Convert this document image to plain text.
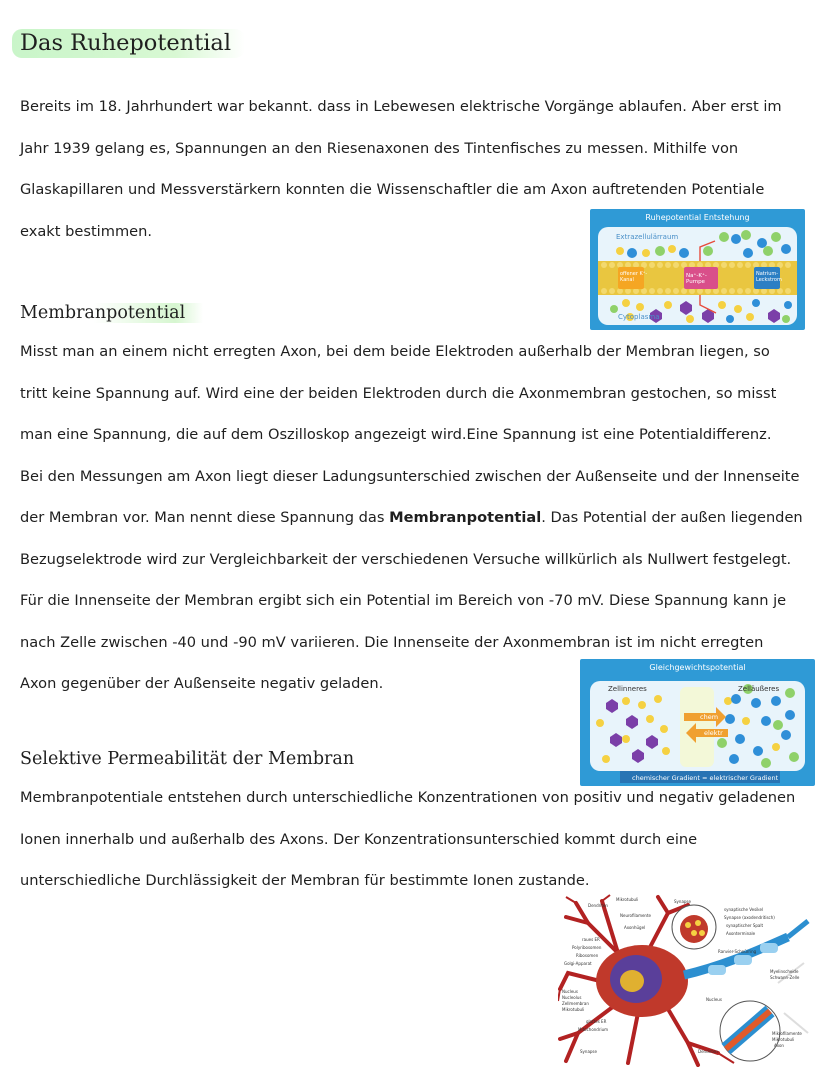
Das Ruhepotential

Bereits im 18. Jahrhundert war bekannt. dass in Lebewesen elektrische Vorgänge ablaufen. Aber erst im
Jahr 1939 gelang es, Spannungen an den Riesenaxonen des Tintenfisches zu messen. Mithilfe von
Glaskapillaren und Messverstärkern konnten die Wissenschaftler die am Axon auftretenden Potentiale
exakt bestimmen.

Ruhepotential Entstehung
Extrazellulärraum
Cytoplasma
offener K⁺-Kanal
Na⁺-K⁺-Pumpe
Natrium-Leckstrom
Membranpotential

Misst man an einem nicht erregten Axon, bei dem beide Elektroden außerhalb der Membran liegen, so
tritt keine Spannung auf. Wird eine der beiden Elektroden durch die Axonmembran gestochen, so misst
man eine Spannung, die auf dem Oszilloskop angezeigt wird.Eine Spannung ist eine Potentialdifferenz.
Bei den Messungen am Axon liegt dieser Ladungsunterschied zwischen der Außenseite und der Innenseite
der Membran vor. Man nennt diese Spannung das Membranpotential. Das Potential der außen liegenden
Bezugselektrode wird zur Vergleichbarkeit der verschiedenen Versuche willkürlich als Nullwert festgelegt.
Für die Innenseite der Membran ergibt sich ein Potential im Bereich von -70 mV. Diese Spannung kann je
nach Zelle zwischen -40 und -90 mV variieren. Die Innenseite der Axonmembran ist im nicht erregten
Axon gegenüber der Außenseite negativ geladen.

Gleichgewichtspotential
Zellinneres	Zelläußeres
chem
elektr
chemischer Gradient = elektrischer Gradient
Selektive Permeabilität der Membran

Membranpotentiale entstehen durch unterschiedliche Konzentrationen von positiv und negativ geladenen
Ionen innerhalb und außerhalb des Axons. Der Konzentrationsunterschied kommt durch eine
unterschiedliche Durchlässigkeit der Membran für bestimmte Ionen zustande.

Dendriten
Mikrotubuli	Synapse
Neurofilamente
Axonhügel
raues ER
Polyribosomen
Ribosomen
Golgi-Apparat
Nucleus
Nucleolus
Zellmembran
Mikrotubuli
glattes ER
Mitochondrium
Synapse
synaptische Vesikel
Synapse (axodendritisch)
synaptischer Spalt
Axonterminale
Ranvier-Schnürring
Myelinscheide
Schwann-Zelle
Nucleus
Mikrofilamente
Mikrotubuli
Axon
Dendriten
